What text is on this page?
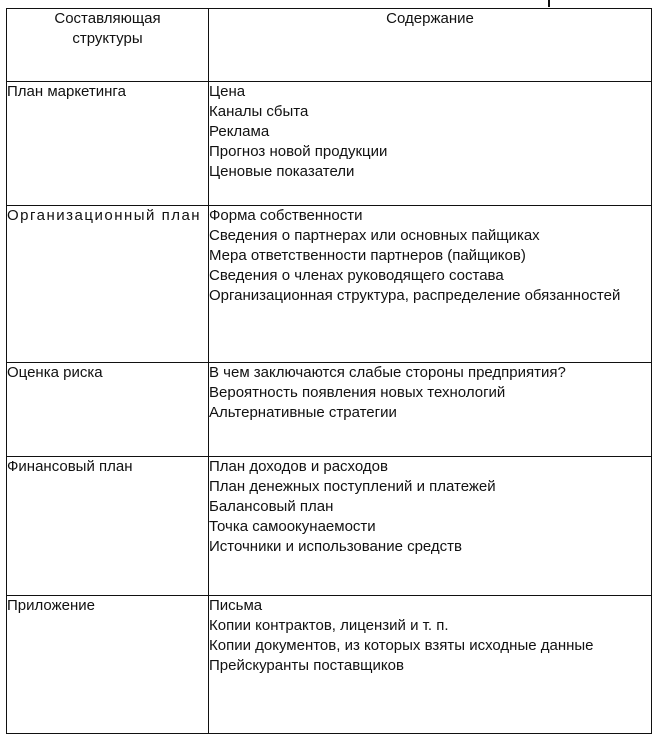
Составляющая структуры	Содержание

План маркетинга	Цена
Каналы сбыта
Реклама
Прогноз новой продукции
Ценовые показатели

Организационный план	Форма собственности
Сведения о партнерах или основных пайщиках
Мера ответственности партнеров (пайщиков)
Сведения о членах руководящего состава
Организационная структура, распределение обязанностей

Оценка риска	В чем заключаются слабые стороны предприятия?
Вероятность появления новых технологий
Альтернативные стратегии

Финансовый план	План доходов и расходов
План денежных поступлений и платежей
Балансовый план
Точка самоокунаемости
Источники и использование средств

Приложение	Письма
Копии контрактов, лицензий и т. п.
Копии документов, из которых взяты исходные данные
Прейскуранты поставщиков
